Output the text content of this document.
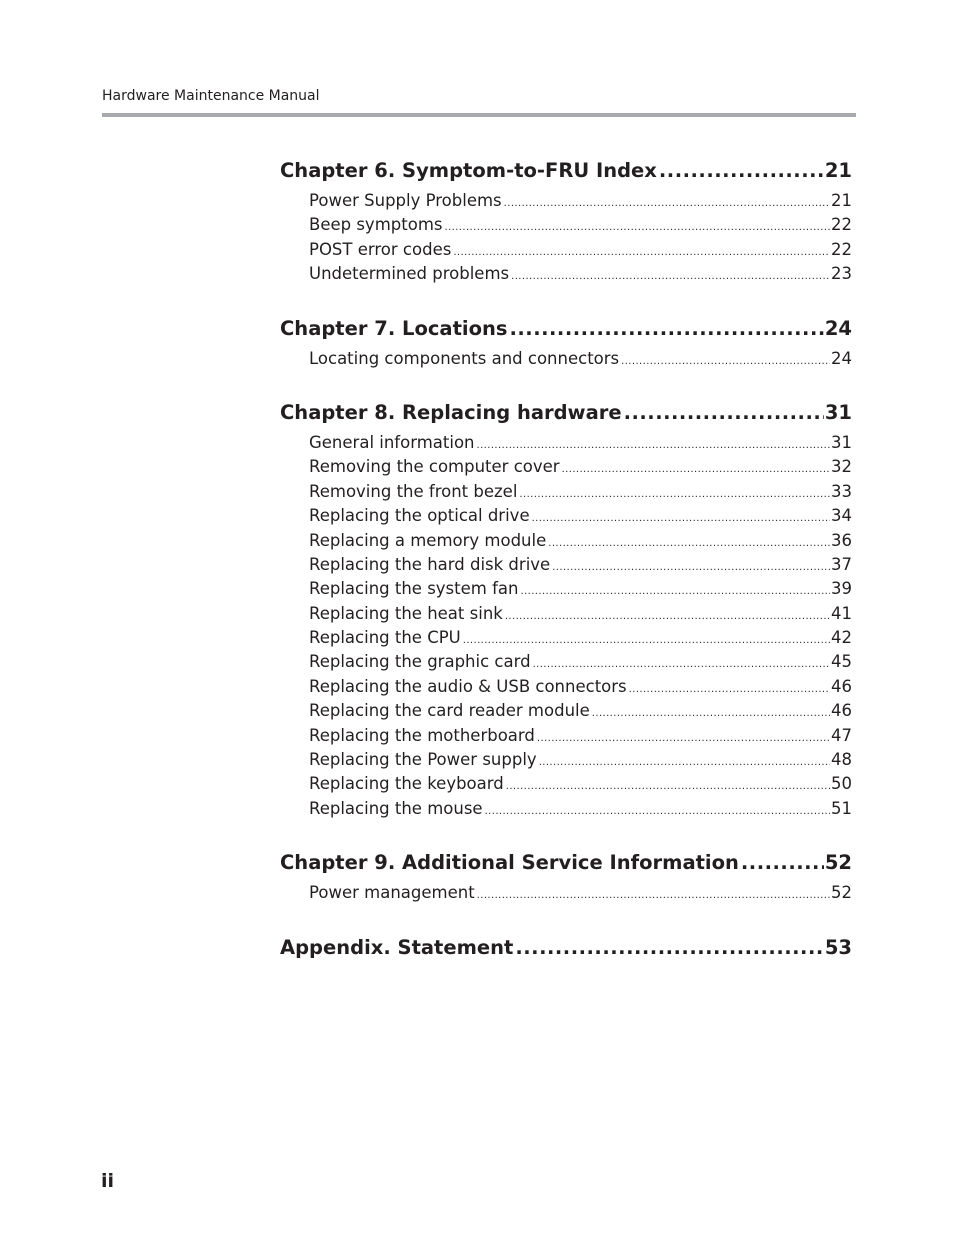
Hardware Maintenance Manual
Chapter 6. Symptom-to-FRU Index .....	21
Power Supply Problems .....	21
Beep symptoms .....	22
POST error codes .....	22
Undetermined problems .....	23
Chapter 7. Locations .....	24
Locating components and connectors .....	24
Chapter 8. Replacing hardware .....	31
General information .....	31
Removing the computer cover .....	32
Removing the front bezel .....	33
Replacing the optical drive .....	34
Replacing a memory module .....	36
Replacing the hard disk drive .....	37
Replacing the system fan .....	39
Replacing the heat sink .....	41
Replacing the CPU .....	42
Replacing the graphic card .....	45
Replacing the audio & USB connectors .....	46
Replacing the card reader module .....	46
Replacing the motherboard .....	47
Replacing the Power supply .....	48
Replacing the keyboard .....	50
Replacing the mouse .....	51
Chapter 9. Additional Service Information .....	52
Power management .....	52
Appendix. Statement .....	53
ii
